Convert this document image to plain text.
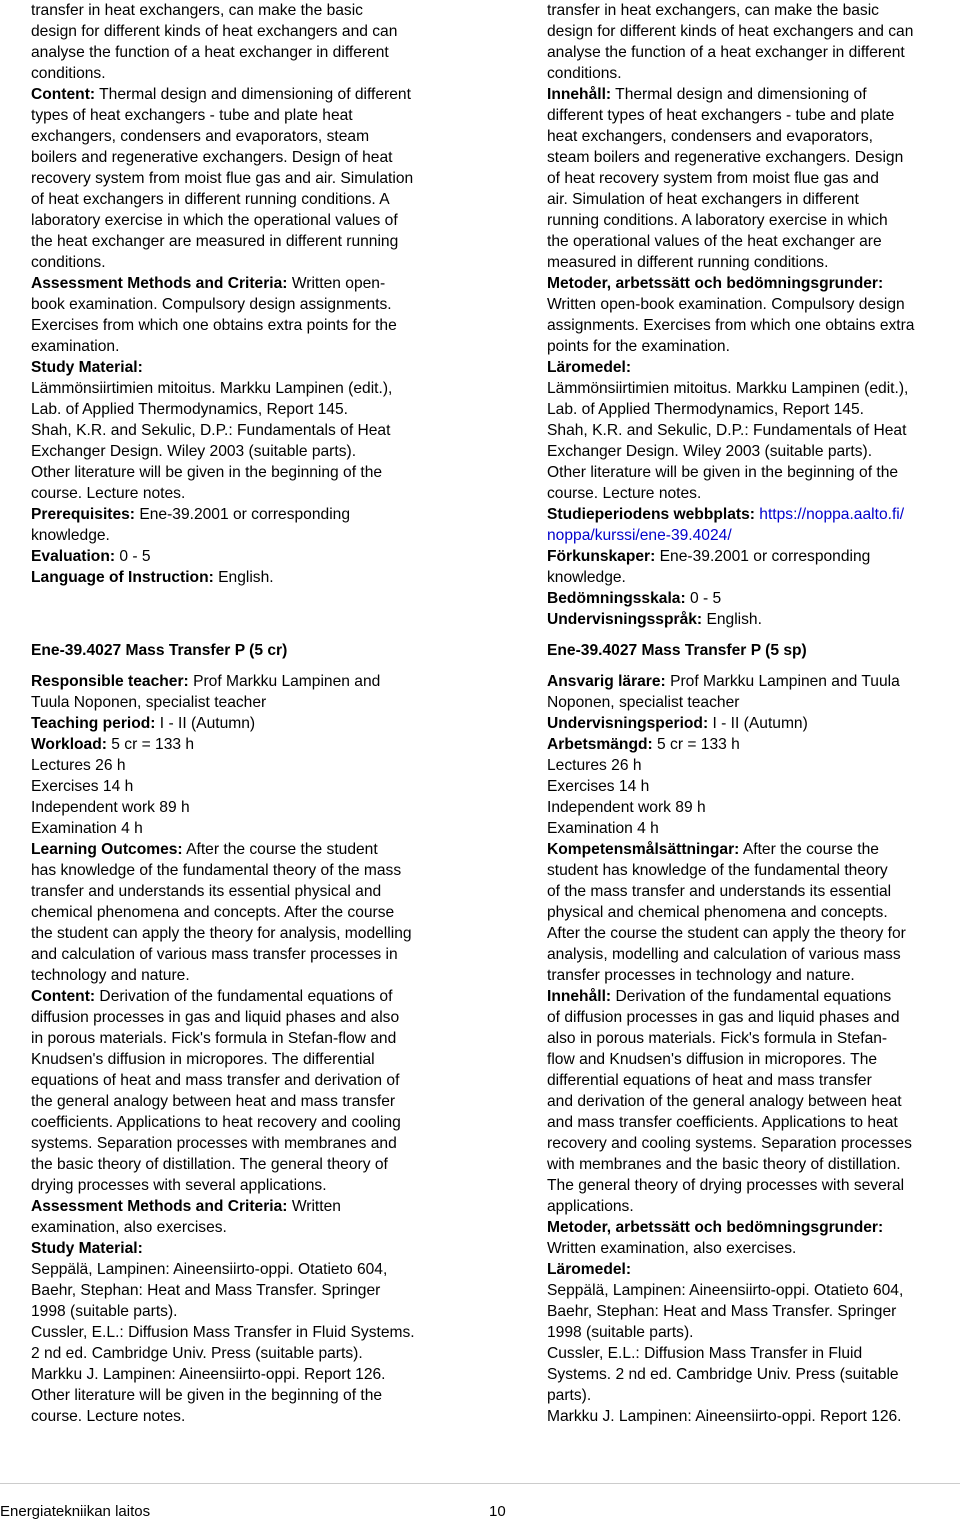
transfer in heat exchangers, can make the basic
design for different kinds of heat exchangers and can
analyse the function of a heat exchanger in different
conditions.

Content: Thermal design and dimensioning of different
types of heat exchangers - tube and plate heat
exchangers, condensers and evaporators, steam
boilers and regenerative exchangers. Design of heat
recovery system from moist flue gas and air. Simulation
of heat exchangers in different running conditions. A
laboratory exercise in which the operational values of
the heat exchanger are measured in different running
conditions.

Assessment Methods and Criteria: Written open-
book examination. Compulsory design assignments.
Exercises from which one obtains extra points for the
examination.

Study Material:

Lämmönsiirtimien mitoitus. Markku Lampinen (edit.),
Lab. of Applied Thermodynamics, Report 145.
Shah, K.R. and Sekulic, D.P.: Fundamentals of Heat
Exchanger Design. Wiley 2003 (suitable parts).
Other literature will be given in the beginning of the
course. Lecture notes.

Prerequisites: Ene-39.2001 or corresponding
knowledge.

Evaluation: 0 - 5

Language of Instruction: English.

Ene-39.4027 Mass Transfer P (5 cr)

Responsible teacher: Prof Markku Lampinen and
Tuula Noponen, specialist teacher

Teaching period: I - II (Autumn)

Workload: 5 cr = 133 h
Lectures 26 h
Exercises 14 h
Independent work 89 h
Examination 4 h

Learning Outcomes: After the course the student
has knowledge of the fundamental theory of the mass
transfer and understands its essential physical and
chemical phenomena and concepts. After the course
the student can apply the theory for analysis, modelling
and calculation of various mass transfer processes in
technology and nature.

Content: Derivation of the fundamental equations of
diffusion processes in gas and liquid phases and also
in porous materials. Fick's formula in Stefan-flow and
Knudsen's diffusion in micropores. The differential
equations of heat and mass transfer and derivation of
the general analogy between heat and mass transfer
coefficients. Applications to heat recovery and cooling
systems. Separation processes with membranes and
the basic theory of distillation. The general theory of
drying processes with several applications.

Assessment Methods and Criteria: Written
examination, also exercises.

Study Material:

Seppälä, Lampinen: Aineensiirto-oppi. Otatieto 604,
Baehr, Stephan: Heat and Mass Transfer. Springer
1998 (suitable parts).
Cussler, E.L.: Diffusion Mass Transfer in Fluid Systems.
2 nd ed. Cambridge Univ. Press (suitable parts).
Markku J. Lampinen: Aineensiirto-oppi. Report 126.
Other literature will be given in the beginning of the
course. Lecture notes.

transfer in heat exchangers, can make the basic
design for different kinds of heat exchangers and can
analyse the function of a heat exchanger in different
conditions.

Innehåll: Thermal design and dimensioning of
different types of heat exchangers - tube and plate
heat exchangers, condensers and evaporators,
steam boilers and regenerative exchangers. Design
of heat recovery system from moist flue gas and
air. Simulation of heat exchangers in different
running conditions. A laboratory exercise in which
the operational values of the heat exchanger are
measured in different running conditions.

Metoder, arbetssätt och bedömningsgrunder:

Written open-book examination. Compulsory design
assignments. Exercises from which one obtains extra
points for the examination.

Läromedel:

Lämmönsiirtimien mitoitus. Markku Lampinen (edit.),
Lab. of Applied Thermodynamics, Report 145.
Shah, K.R. and Sekulic, D.P.: Fundamentals of Heat
Exchanger Design. Wiley 2003 (suitable parts).
Other literature will be given in the beginning of the
course. Lecture notes.

Studieperiodens webbplats: https://noppa.aalto.fi/
noppa/kurssi/ene-39.4024/

Förkunskaper: Ene-39.2001 or corresponding
knowledge.

Bedömningsskala: 0 - 5

Undervisningsspråk: English.

Ene-39.4027 Mass Transfer P (5 sp)

Ansvarig lärare: Prof Markku Lampinen and Tuula
Noponen, specialist teacher

Undervisningsperiod: I - II (Autumn)

Arbetsmängd: 5 cr = 133 h
Lectures 26 h
Exercises 14 h
Independent work 89 h
Examination 4 h

Kompetensmålsättningar: After the course the
student has knowledge of the fundamental theory
of the mass transfer and understands its essential
physical and chemical phenomena and concepts.
After the course the student can apply the theory for
analysis, modelling and calculation of various mass
transfer processes in technology and nature.

Innehåll: Derivation of the fundamental equations
of diffusion processes in gas and liquid phases and
also in porous materials. Fick's formula in Stefan-
flow and Knudsen's diffusion in micropores. The
differential equations of heat and mass transfer
and derivation of the general analogy between heat
and mass transfer coefficients. Applications to heat
recovery and cooling systems. Separation processes
with membranes and the basic theory of distillation.
The general theory of drying processes with several
applications.

Metoder, arbetssätt och bedömningsgrunder:

Written examination, also exercises.

Läromedel:

Seppälä, Lampinen: Aineensiirto-oppi. Otatieto 604,
Baehr, Stephan: Heat and Mass Transfer. Springer
1998 (suitable parts).
Cussler, E.L.: Diffusion Mass Transfer in Fluid
Systems. 2 nd ed. Cambridge Univ. Press (suitable
parts).
Markku J. Lampinen: Aineensiirto-oppi. Report 126.

Energiatekniikan laitos	10
